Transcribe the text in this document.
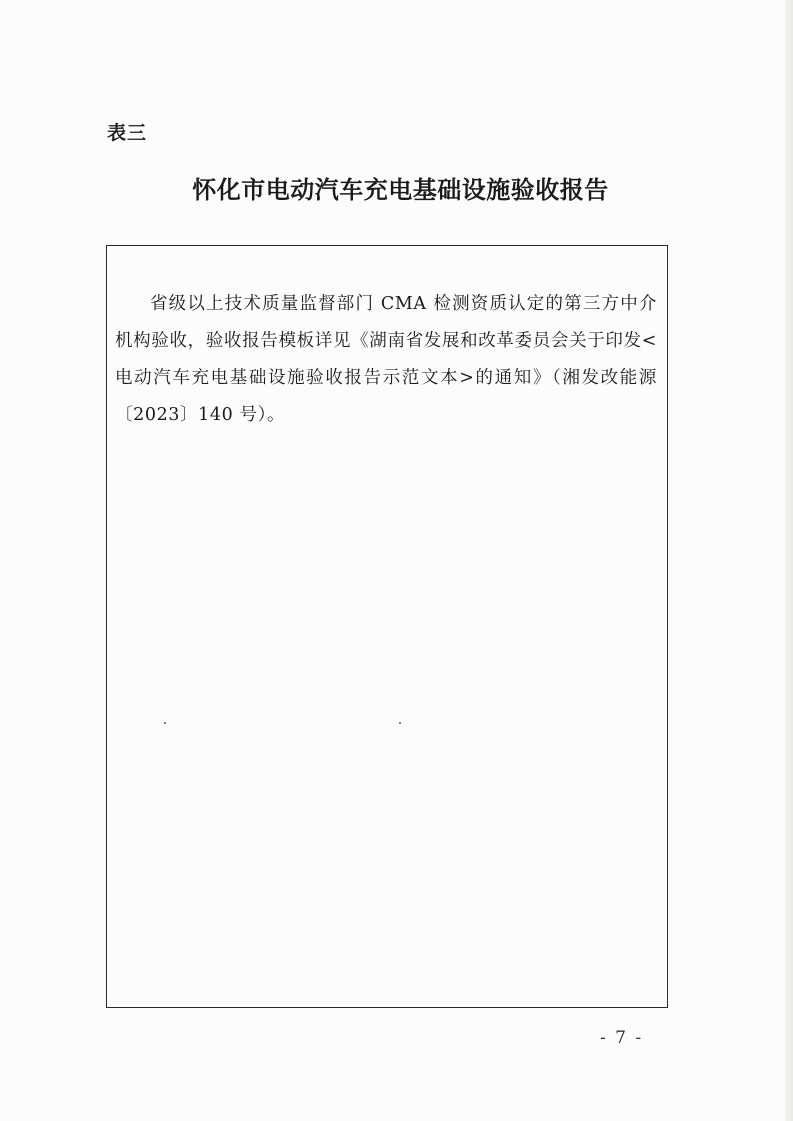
表三
怀化市电动汽车充电基础设施验收报告

省级以上技术质量监督部门 CMA 检测资质认定的第三方中介机构验收，验收报告模板详见《湖南省发展和改革委员会关于印发<电动汽车充电基础设施验收报告示范文本>的通知》（湘发改能源〔2023〕140 号）。

- 7 -
